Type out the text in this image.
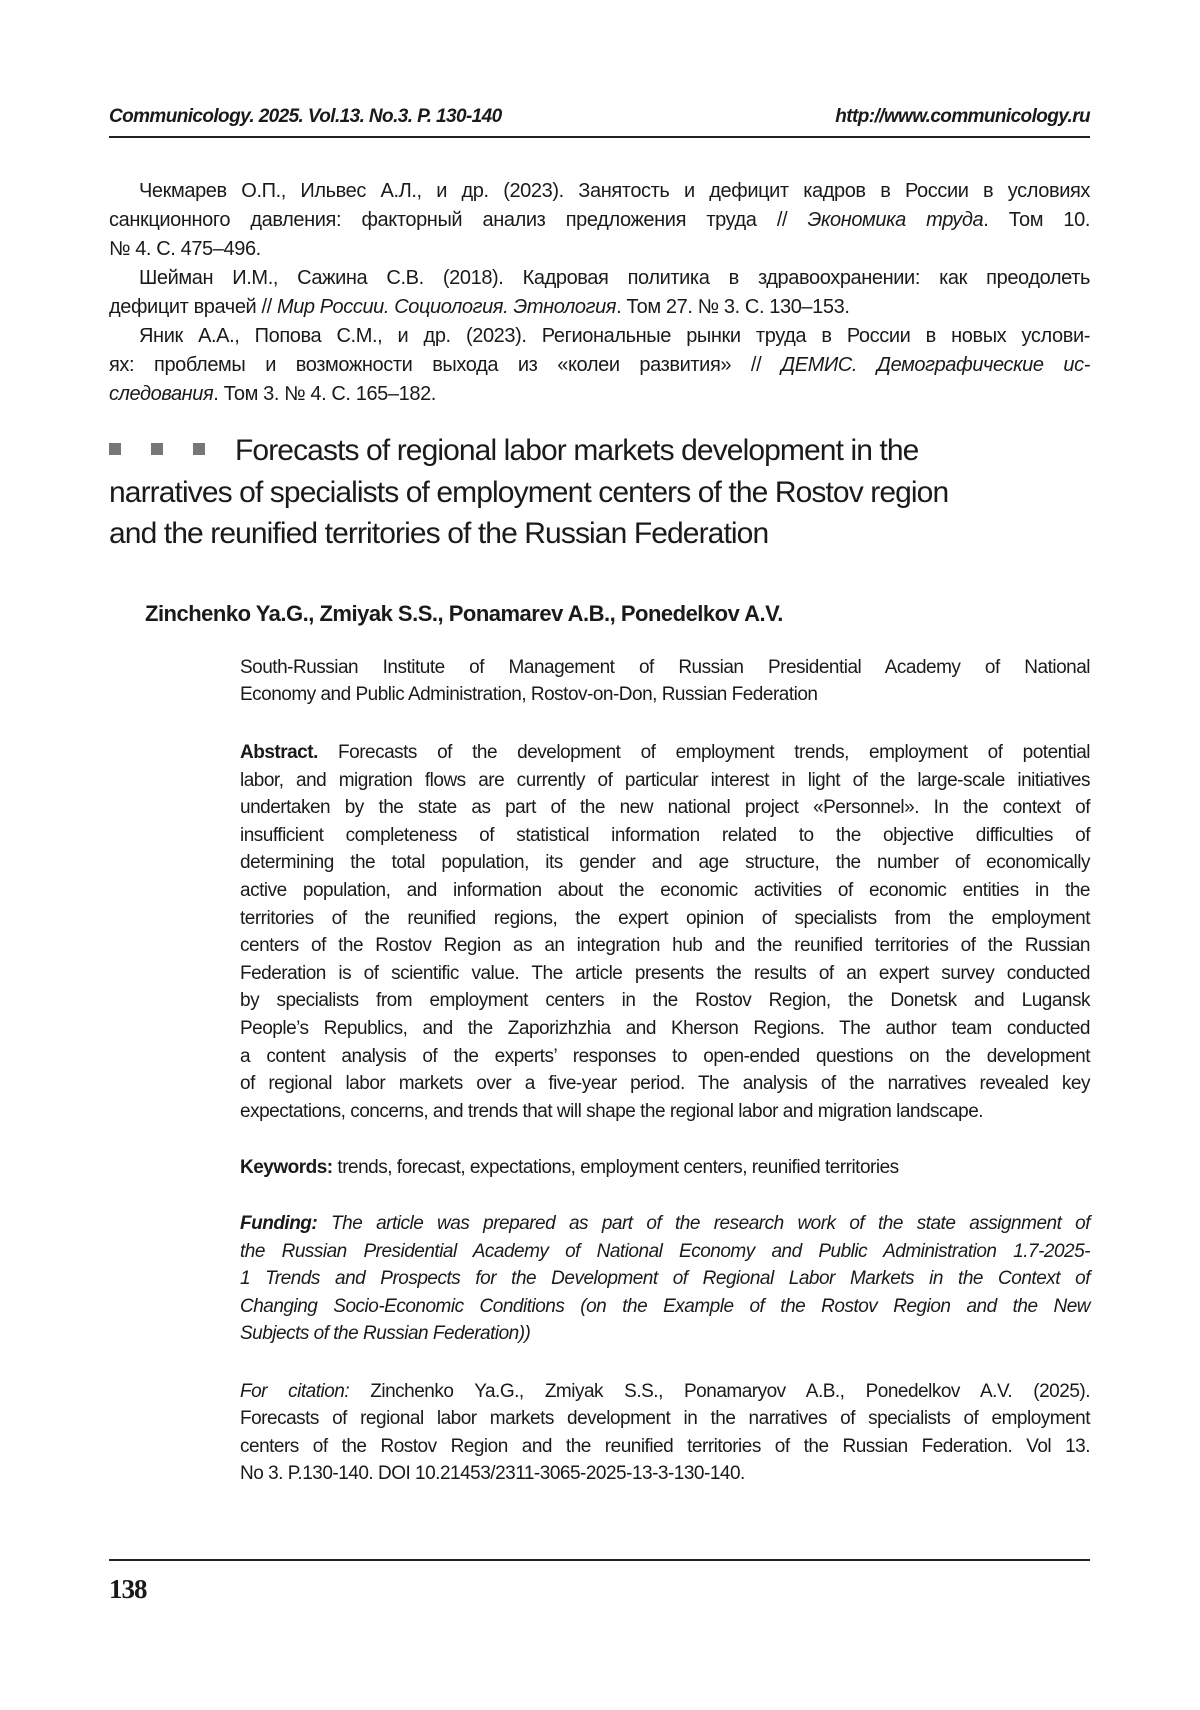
Communicology. 2025. Vol.13. No.3. P. 130-140	http://www.communicology.ru
Чекмарев О.П., Ильвес А.Л., и др. (2023). Занятость и дефицит кадров в России в условиях
санкционного давления: факторный анализ предложения труда // Экономика труда. Том 10.
№ 4. С. 475–496.
Шейман И.М., Сажина С.В. (2018). Кадровая политика в здравоохранении: как преодолеть
дефицит врачей // Мир России. Социология. Этнология. Том 27. № 3. С. 130–153.
Яник А.А., Попова С.М., и др. (2023). Региональные рынки труда в России в новых услови-
ях: проблемы и возможности выхода из «колеи развития» // ДЕМИС. Демографические ис-
следования. Том 3. № 4. С. 165–182.
Forecasts of regional labor markets development in the
narratives of specialists of employment centers of the Rostov region
and the reunified territories of the Russian Federation
Zinchenko Ya.G., Zmiyak S.S., Ponamarev A.B., Ponedelkov A.V.
South-Russian Institute of Management of Russian Presidential Academy of National
Economy and Public Administration, Rostov-on-Don, Russian Federation
Abstract. Forecasts of the development of employment trends, employment of potential
labor, and migration flows are currently of particular interest in light of the large-scale initiatives
undertaken by the state as part of the new national project «Personnel». In the context of
insufficient completeness of statistical information related to the objective difficulties of
determining the total population, its gender and age structure, the number of economically
active population, and information about the economic activities of economic entities in the
territories of the reunified regions, the expert opinion of specialists from the employment
centers of the Rostov Region as an integration hub and the reunified territories of the Russian
Federation is of scientific value. The article presents the results of an expert survey conducted
by specialists from employment centers in the Rostov Region, the Donetsk and Lugansk
People’s Republics, and the Zaporizhzhia and Kherson Regions. The author team conducted
a content analysis of the experts’ responses to open-ended questions on the development
of regional labor markets over a five-year period. The analysis of the narratives revealed key
expectations, concerns, and trends that will shape the regional labor and migration landscape.
Keywords: trends, forecast, expectations, employment centers, reunified territories
Funding: The article was prepared as part of the research work of the state assignment of
the Russian Presidential Academy of National Economy and Public Administration 1.7-2025-
1 Trends and Prospects for the Development of Regional Labor Markets in the Context of
Changing Socio-Economic Conditions (on the Example of the Rostov Region and the New
Subjects of the Russian Federation))
For citation: Zinchenko Ya.G., Zmiyak S.S., Ponamaryov A.B., Ponedelkov A.V. (2025).
Forecasts of regional labor markets development in the narratives of specialists of employment
centers of the Rostov Region and the reunified territories of the Russian Federation. Vol 13.
No 3. P.130-140. DOI 10.21453/2311-3065-2025-13-3-130-140.
138
